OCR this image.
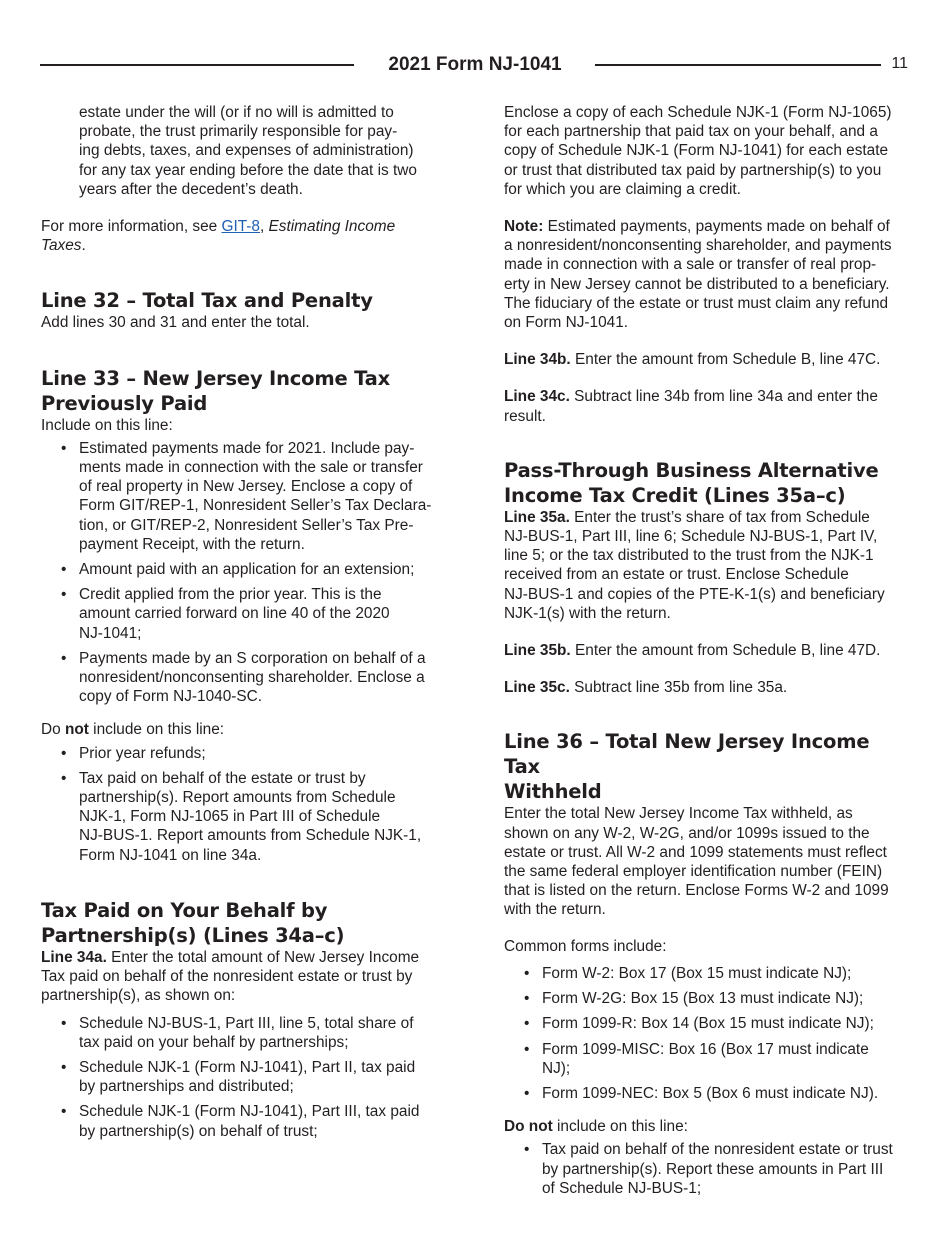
2021 Form NJ-1041	11

estate under the will (or if no will is admitted to
probate, the trust primarily responsible for pay-
ing debts, taxes, and expenses of administration)
for any tax year ending before the date that is two
years after the decedent’s death.

For more information, see GIT-8, Estimating Income
Taxes.

Line 32 – Total Tax and Penalty

Add lines 30 and 31 and enter the total.

Line 33 – New Jersey Income Tax
Previously Paid

Include on this line:

• Estimated payments made for 2021. Include pay-
ments made in connection with the sale or transfer
of real property in New Jersey. Enclose a copy of
Form GIT/REP-1, Nonresident Seller’s Tax Declara-
tion, or GIT/REP-2, Nonresident Seller’s Tax Pre-
payment Receipt, with the return.
• Amount paid with an application for an extension;
• Credit applied from the prior year. This is the
amount carried forward on line 40 of the 2020
NJ-1041;
• Payments made by an S corporation on behalf of a
nonresident/nonconsenting shareholder. Enclose a
copy of Form NJ-1040-SC.

Do not include on this line:

• Prior year refunds;
• Tax paid on behalf of the estate or trust by
partnership(s). Report amounts from Schedule
NJK-1, Form NJ-1065 in Part III of Schedule
NJ-BUS-1. Report amounts from Schedule NJK-1,
Form NJ-1041 on line 34a.
Tax Paid on Your Behalf by
Partnership(s) (Lines 34a–c)

Line 34a. Enter the total amount of New Jersey Income
Tax paid on behalf of the nonresident estate or trust by
partnership(s), as shown on:

• Schedule NJ-BUS-1, Part III, line 5, total share of
tax paid on your behalf by partnerships;
• Schedule NJK-1 (Form NJ-1041), Part II, tax paid
by partnerships and distributed;
• Schedule NJK-1 (Form NJ-1041), Part III, tax paid
by partnership(s) on behalf of trust;

Enclose a copy of each Schedule NJK-1 (Form NJ-1065)
for each partnership that paid tax on your behalf, and a
copy of Schedule NJK-1 (Form NJ-1041) for each estate
or trust that distributed tax paid by partnership(s) to you
for which you are claiming a credit.

Note: Estimated payments, payments made on behalf of
a nonresident/nonconsenting shareholder, and payments
made in connection with a sale or transfer of real prop-
erty in New Jersey cannot be distributed to a beneficiary.
The fiduciary of the estate or trust must claim any refund
on Form NJ-1041.

Line 34b. Enter the amount from Schedule B, line 47C.

Line 34c. Subtract line 34b from line 34a and enter the
result.

Pass-Through Business Alternative
Income Tax Credit (Lines 35a–c)

Line 35a. Enter the trust’s share of tax from Schedule
NJ-BUS-1, Part III, line 6; Schedule NJ-BUS-1, Part IV,
line 5; or the tax distributed to the trust from the NJK-1
received from an estate or trust. Enclose Schedule
NJ-BUS-1 and copies of the PTE-K-1(s) and beneficiary
NJK-1(s) with the return.

Line 35b. Enter the amount from Schedule B, line 47D.

Line 35c. Subtract line 35b from line 35a.

Line 36 – Total New Jersey Income Tax
Withheld

Enter the total New Jersey Income Tax withheld, as
shown on any W-2, W-2G, and/or 1099s issued to the
estate or trust. All W-2 and 1099 statements must reflect
the same federal employer identification number (FEIN)
that is listed on the return. Enclose Forms W-2 and 1099
with the return.

Common forms include:

• Form W-2: Box 17 (Box 15 must indicate NJ);
• Form W-2G: Box 15 (Box 13 must indicate NJ);
• Form 1099-R: Box 14 (Box 15 must indicate NJ);
• Form 1099-MISC: Box 16 (Box 17 must indicate
NJ);
• Form 1099-NEC: Box 5 (Box 6 must indicate NJ).

Do not include on this line:

• Tax paid on behalf of the nonresident estate or trust
by partnership(s). Report these amounts in Part III
of Schedule NJ-BUS-1;
